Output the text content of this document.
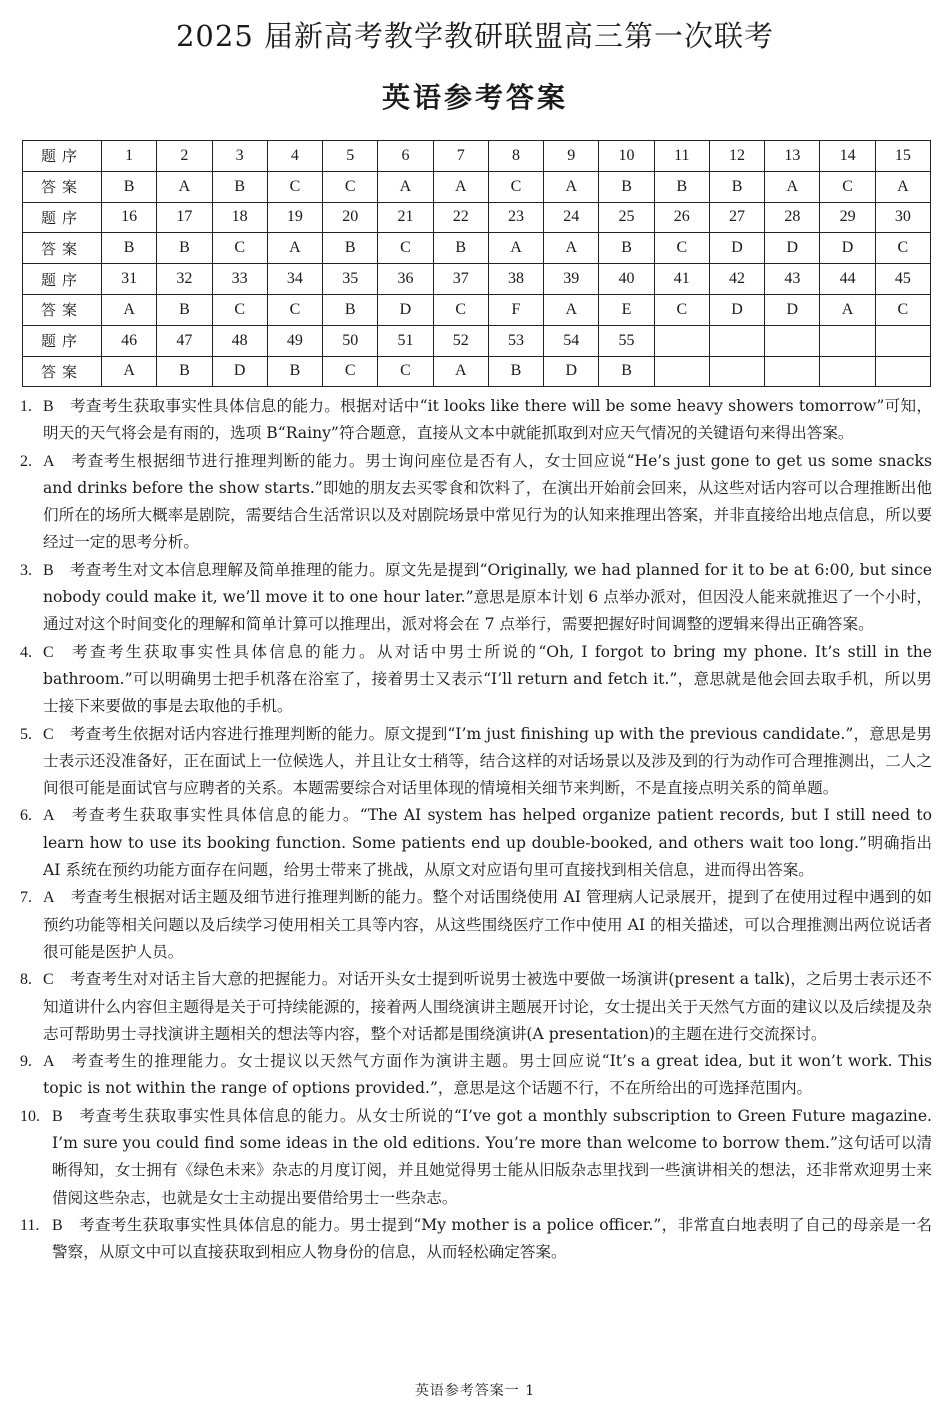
2025 届新高考教学教研联盟高三第一次联考
英语参考答案
题序	1	2	3	4	5	6	7	8	9	10	11	12	13	14	15
答案	B	A	B	C	C	A	A	C	A	B	B	B	A	C	A
题序	16	17	18	19	20	21	22	23	24	25	26	27	28	29	30
答案	B	B	C	A	B	C	B	A	A	B	C	D	D	D	C
题序	31	32	33	34	35	36	37	38	39	40	41	42	43	44	45
答案	A	B	C	C	B	D	C	F	A	E	C	D	D	A	C
题序	46	47	48	49	50	51	52	53	54	55					
答案	A	B	D	B	C	C	A	B	D	B					
1. B 考查考生获取事实性具体信息的能力。根据对话中“it looks like there will be some heavy showers tomorrow”可知，明天的天气将会是有雨的，选项 B“Rainy”符合题意，直接从文本中就能抓取到对应天气情况的关键语句来得出答案。
2. A 考查考生根据细节进行推理判断的能力。男士询问座位是否有人，女士回应说“He’s just gone to get us some snacks and drinks before the show starts.”即她的朋友去买零食和饮料了，在演出开始前会回来，从这些对话内容可以合理推断出他们所在的场所大概率是剧院，需要结合生活常识以及对剧院场景中常见行为的认知来推理出答案，并非直接给出地点信息，所以要经过一定的思考分析。
3. B 考查考生对文本信息理解及简单推理的能力。原文先是提到“Originally, we had planned for it to be at 6:00, but since nobody could make it, we’ll move it to one hour later.”意思是原本计划 6 点举办派对，但因没人能来就推迟了一个小时，通过对这个时间变化的理解和简单计算可以推理出，派对将会在 7 点举行，需要把握好时间调整的逻辑来得出正确答案。
4. C 考查考生获取事实性具体信息的能力。从对话中男士所说的“Oh, I forgot to bring my phone. It’s still in the bathroom.”可以明确男士把手机落在浴室了，接着男士又表示“I’ll return and fetch it.”，意思就是他会回去取手机，所以男士接下来要做的事是去取他的手机。
5. C 考查考生依据对话内容进行推理判断的能力。原文提到“I’m just finishing up with the previous candidate.”，意思是男士表示还没准备好，正在面试上一位候选人，并且让女士稍等，结合这样的对话场景以及涉及到的行为动作可合理推测出，二人之间很可能是面试官与应聘者的关系。本题需要综合对话里体现的情境相关细节来判断，不是直接点明关系的简单题。
6. A 考查考生获取事实性具体信息的能力。“The AI system has helped organize patient records, but I still need to learn how to use its booking function. Some patients end up double-booked, and others wait too long.”明确指出 AI 系统在预约功能方面存在问题，给男士带来了挑战，从原文对应语句里可直接找到相关信息，进而得出答案。
7. A 考查考生根据对话主题及细节进行推理判断的能力。整个对话围绕使用 AI 管理病人记录展开，提到了在使用过程中遇到的如预约功能等相关问题以及后续学习使用相关工具等内容，从这些围绕医疗工作中使用 AI 的相关描述，可以合理推测出两位说话者很可能是医护人员。
8. C 考查考生对对话主旨大意的把握能力。对话开头女士提到听说男士被选中要做一场演讲(present a talk)，之后男士表示还不知道讲什么内容但主题得是关于可持续能源的，接着两人围绕演讲主题展开讨论，女士提出关于天然气方面的建议以及后续提及杂志可帮助男士寻找演讲主题相关的想法等内容，整个对话都是围绕演讲(A presentation)的主题在进行交流探讨。
9. A 考查考生的推理能力。女士提议以天然气方面作为演讲主题。男士回应说“It’s a great idea, but it won’t work. This topic is not within the range of options provided.”，意思是这个话题不行，不在所给出的可选择范围内。
10. B 考查考生获取事实性具体信息的能力。从女士所说的“I’ve got a monthly subscription to Green Future magazine. I’m sure you could find some ideas in the old editions. You’re more than welcome to borrow them.”这句话可以清晰得知，女士拥有《绿色未来》杂志的月度订阅，并且她觉得男士能从旧版杂志里找到一些演讲相关的想法，还非常欢迎男士来借阅这些杂志，也就是女士主动提出要借给男士一些杂志。
11. B 考查考生获取事实性具体信息的能力。男士提到“My mother is a police officer.”，非常直白地表明了自己的母亲是一名警察，从原文中可以直接获取到相应人物身份的信息，从而轻松确定答案。
英语参考答案一 1
